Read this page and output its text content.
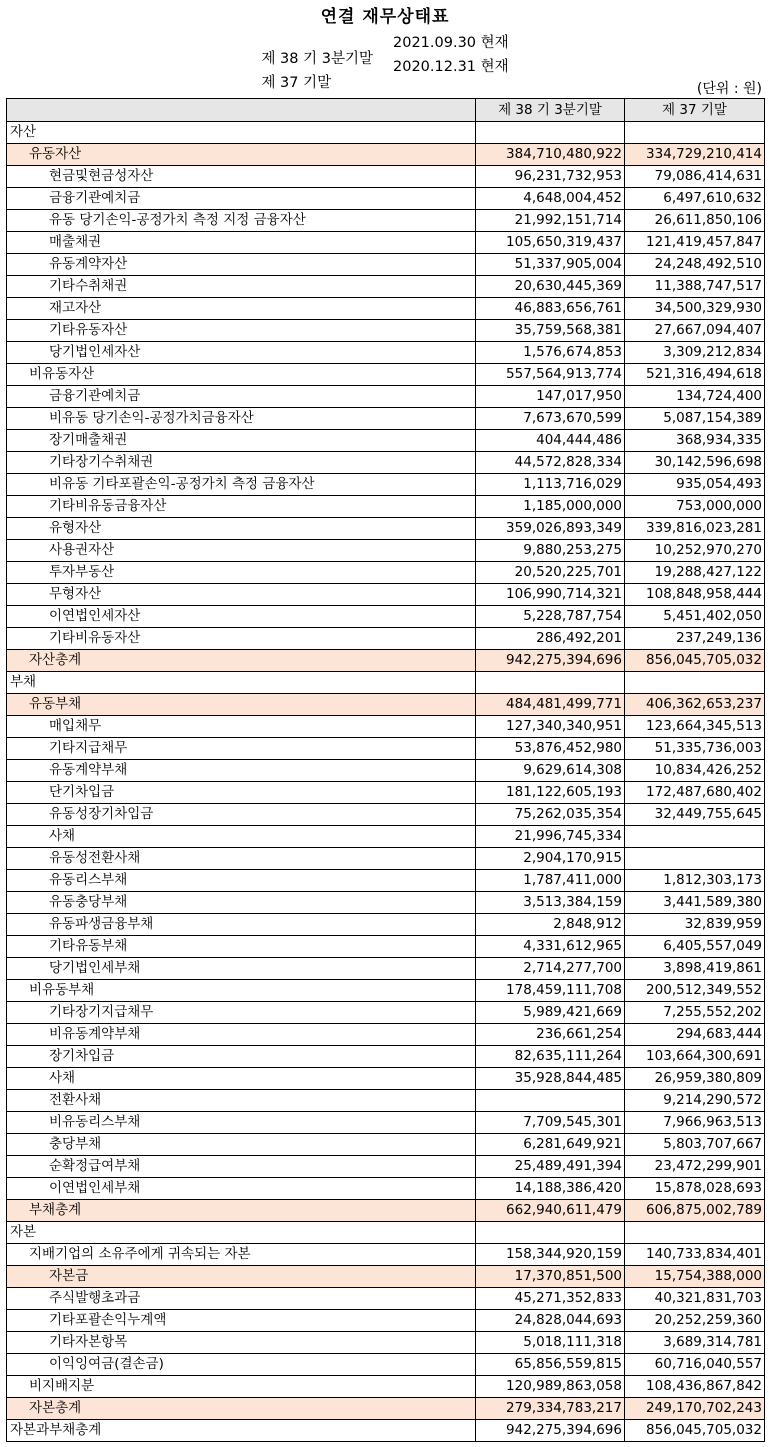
연결 재무상태표

제 38 기 3분기말
2021.09.30 현재

제 37 기말
2020.12.31 현재

(단위 : 원)
	제 38 기 3분기말	제 37 기말
자산		
유동자산	384,710,480,922	334,729,210,414
현금및현금성자산	96,231,732,953	79,086,414,631
금융기관예치금	4,648,004,452	6,497,610,632
유동 당기손익-공정가치 측정 지정 금융자산	21,992,151,714	26,611,850,106
매출채권	105,650,319,437	121,419,457,847
유동계약자산	51,337,905,004	24,248,492,510
기타수취채권	20,630,445,369	11,388,747,517
재고자산	46,883,656,761	34,500,329,930
기타유동자산	35,759,568,381	27,667,094,407
당기법인세자산	1,576,674,853	3,309,212,834
비유동자산	557,564,913,774	521,316,494,618
금융기관예치금	147,017,950	134,724,400
비유동 당기손익-공정가치금융자산	7,673,670,599	5,087,154,389
장기매출채권	404,444,486	368,934,335
기타장기수취채권	44,572,828,334	30,142,596,698
비유동 기타포괄손익-공정가치 측정 금융자산	1,113,716,029	935,054,493
기타비유동금융자산	1,185,000,000	753,000,000
유형자산	359,026,893,349	339,816,023,281
사용권자산	9,880,253,275	10,252,970,270
투자부동산	20,520,225,701	19,288,427,122
무형자산	106,990,714,321	108,848,958,444
이연법인세자산	5,228,787,754	5,451,402,050
기타비유동자산	286,492,201	237,249,136
자산총계	942,275,394,696	856,045,705,032
부채		
유동부채	484,481,499,771	406,362,653,237
매입채무	127,340,340,951	123,664,345,513
기타지급채무	53,876,452,980	51,335,736,003
유동계약부채	9,629,614,308	10,834,426,252
단기차입금	181,122,605,193	172,487,680,402
유동성장기차입금	75,262,035,354	32,449,755,645
사채	21,996,745,334	
유동성전환사채	2,904,170,915	
유동리스부채	1,787,411,000	1,812,303,173
유동충당부채	3,513,384,159	3,441,589,380
유동파생금융부채	2,848,912	32,839,959
기타유동부채	4,331,612,965	6,405,557,049
당기법인세부채	2,714,277,700	3,898,419,861
비유동부채	178,459,111,708	200,512,349,552
기타장기지급채무	5,989,421,669	7,255,552,202
비유동계약부채	236,661,254	294,683,444
장기차입금	82,635,111,264	103,664,300,691
사채	35,928,844,485	26,959,380,809
전환사채		9,214,290,572
비유동리스부채	7,709,545,301	7,966,963,513
충당부채	6,281,649,921	5,803,707,667
순확정급여부채	25,489,491,394	23,472,299,901
이연법인세부채	14,188,386,420	15,878,028,693
부채총계	662,940,611,479	606,875,002,789
자본		
지배기업의 소유주에게 귀속되는 자본	158,344,920,159	140,733,834,401
자본금	17,370,851,500	15,754,388,000
주식발행초과금	45,271,352,833	40,321,831,703
기타포괄손익누계액	24,828,044,693	20,252,259,360
기타자본항목	5,018,111,318	3,689,314,781
이익잉여금(결손금)	65,856,559,815	60,716,040,557
비지배지분	120,989,863,058	108,436,867,842
자본총계	279,334,783,217	249,170,702,243
자본과부채총계	942,275,394,696	856,045,705,032
